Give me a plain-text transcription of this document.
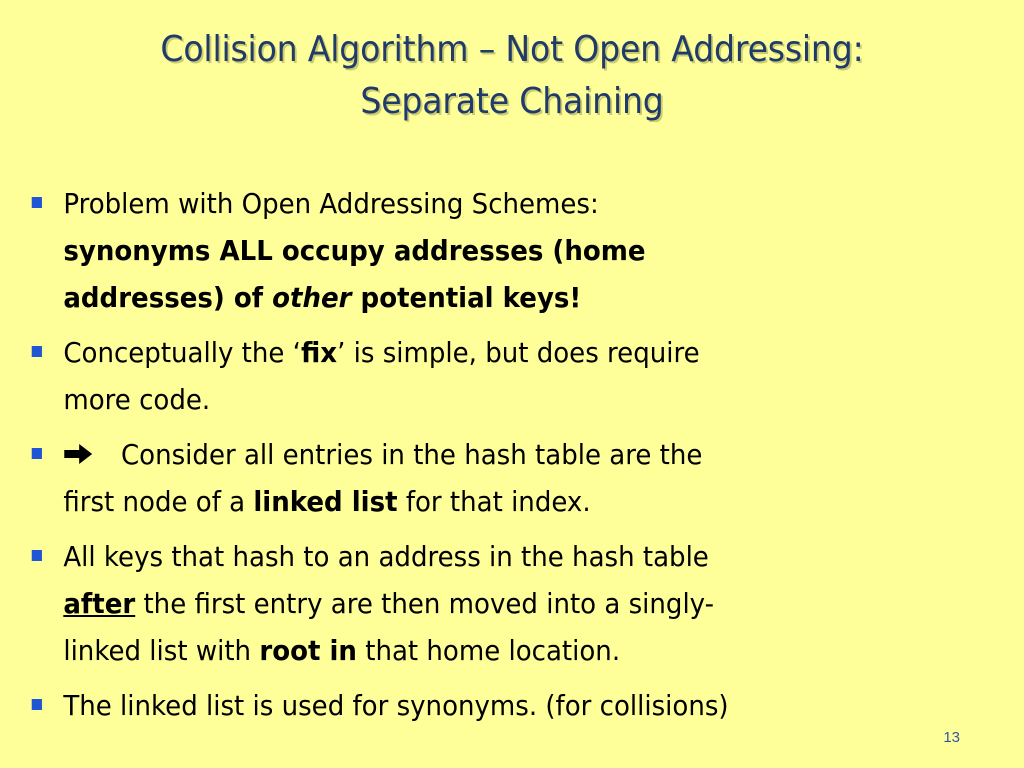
Collision Algorithm – Not Open Addressing:
Separate Chaining
Problem with Open Addressing Schemes:
synonyms ALL occupy addresses (home
addresses) of other potential keys!
Conceptually the ‘fix’ is simple, but does require
more code.
Consider all entries in the hash table are the
first node of a linked list for that index.
All keys that hash to an address in the hash table
after the first entry are then moved into a singly-
linked list with root in that home location.
The linked list is used for synonyms. (for collisions)
13
